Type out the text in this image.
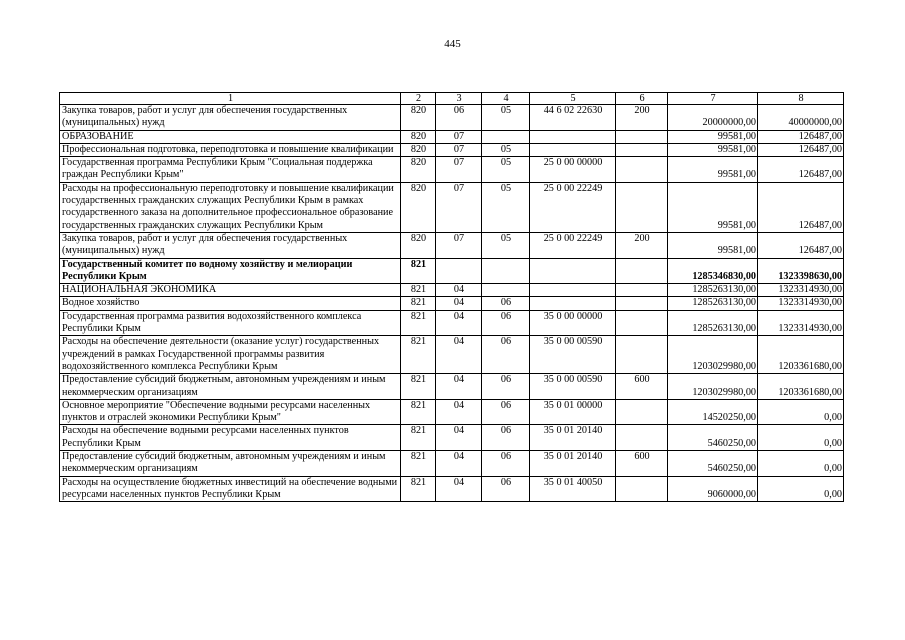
445
1	2	3	4	5	6	7	8
Закупка товаров, работ и услуг для обеспечения государственных (муниципальных) нужд	820	06	05	44 6 02 22630	200	20000000,00	40000000,00
ОБРАЗОВАНИЕ	820	07				99581,00	126487,00
Профессиональная подготовка, переподготовка и повышение квалификации	820	07	05			99581,00	126487,00
Государственная программа Республики Крым "Социальная поддержка граждан Республики Крым"	820	07	05	25 0 00 00000		99581,00	126487,00
Расходы на профессиональную переподготовку и повышение квалификации государственных гражданских служащих Республики Крым в рамках государственного заказа на дополнительное профессиональное образование государственных гражданских служащих Республики Крым	820	07	05	25 0 00 22249		99581,00	126487,00
Закупка товаров, работ и услуг для обеспечения государственных (муниципальных) нужд	820	07	05	25 0 00 22249	200	99581,00	126487,00
Государственный комитет по водному хозяйству и мелиорации Республики Крым	821					1285346830,00	1323398630,00
НАЦИОНАЛЬНАЯ ЭКОНОМИКА	821	04				1285263130,00	1323314930,00
Водное хозяйство	821	04	06			1285263130,00	1323314930,00
Государственная программа развития водохозяйственного комплекса Республики Крым	821	04	06	35 0 00 00000		1285263130,00	1323314930,00
Расходы на обеспечение деятельности (оказание услуг) государственных учреждений в рамках Государственной программы развития водохозяйственного комплекса Республики Крым	821	04	06	35 0 00 00590		1203029980,00	1203361680,00
Предоставление субсидий бюджетным, автономным учреждениям и иным некоммерческим организациям	821	04	06	35 0 00 00590	600	1203029980,00	1203361680,00
Основное мероприятие "Обеспечение водными ресурсами населенных пунктов и отраслей экономики Республики Крым"	821	04	06	35 0 01 00000		14520250,00	0,00
Расходы на обеспечение водными ресурсами населенных пунктов Республики Крым	821	04	06	35 0 01 20140		5460250,00	0,00
Предоставление субсидий бюджетным, автономным учреждениям и иным некоммерческим организациям	821	04	06	35 0 01 20140	600	5460250,00	0,00
Расходы на осуществление бюджетных инвестиций на обеспечение водными ресурсами населенных пунктов Республики Крым	821	04	06	35 0 01 40050		9060000,00	0,00
